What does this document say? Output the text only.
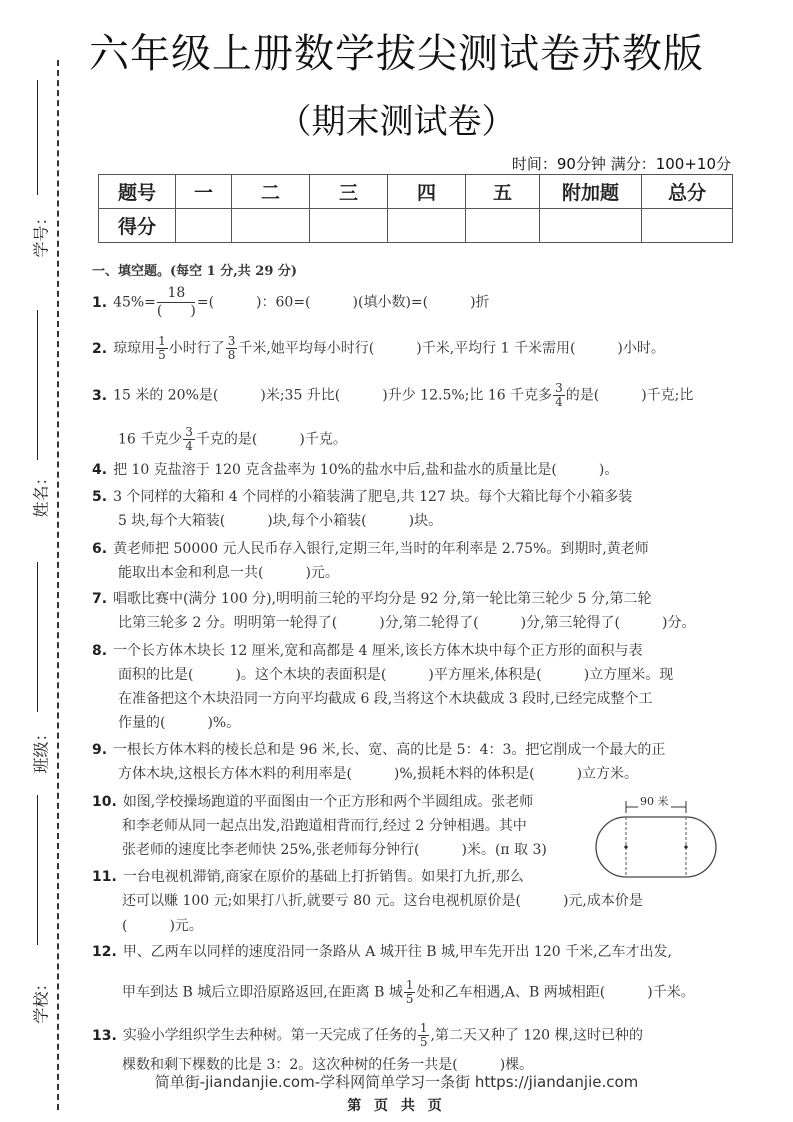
学号：
姓名：
班级：
学校：
六年级上册数学拔尖测试卷苏教版
（期末测试卷）
时间：90分钟 满分：100+10分
题号	一	二	三	四	五	附加题	总分
得分							
一、填空题。(每空 1 分,共 29 分)
1. $45\%= \frac{18}{( )}$ =(　　　)：60=(　　　)(填小数)=(　　　)折
2. 琼琼用 $\frac{1}{5}$ 小时行了 $\frac{3}{8}$ 千米,她平均每小时行(　　　)千米,平均行 1 千米需用(　　　)小时。
3. 15 米的 20%是(　　　)米;35 升比(　　　)升少 12.5%;比 16 千克多 $\frac{3}{4}$ 的是(　　　)千克;比
16 千克少 $\frac{3}{4}$ 千克的是(　　　)千克。
4. 把 10 克盐溶于 120 克含盐率为 10%的盐水中后,盐和盐水的质量比是(　　　)。
5. 3 个同样的大箱和 4 个同样的小箱装满了肥皂,共 127 块。每个大箱比每个小箱多装
5 块,每个大箱装(　　　)块,每个小箱装(　　　)块。
6. 黄老师把 50000 元人民币存入银行,定期三年,当时的年利率是 2.75%。到期时,黄老师
能取出本金和利息一共(　　　)元。
7. 唱歌比赛中(满分 100 分),明明前三轮的平均分是 92 分,第一轮比第三轮少 5 分,第二轮
比第三轮多 2 分。明明第一轮得了(　　　)分,第二轮得了(　　　)分,第三轮得了(　　　)分。
8. 一个长方体木块长 12 厘米,宽和高都是 4 厘米,该长方体木块中每个正方形的面积与表
面积的比是(　　　)。这个木块的表面积是(　　　)平方厘米,体积是(　　　)立方厘米。现
在准备把这个木块沿同一方向平均截成 6 段,当将这个木块截成 3 段时,已经完成整个工
作量的(　　　)%。
9. 一根长方体木料的棱长总和是 96 米,长、宽、高的比是 5：4：3。把它削成一个最大的正
方体木块,这根长方体木料的利用率是(　　　)%,损耗木料的体积是(　　　)立方米。
10. 如图,学校操场跑道的平面图由一个正方形和两个半圆组成。张老师
和李老师从同一起点出发,沿跑道相背而行,经过 2 分钟相遇。其中
张老师的速度比李老师快 25%,张老师每分钟行(　　　)米。(π 取 3)
90 米
11. 一台电视机滞销,商家在原价的基础上打折销售。如果打九折,那么
还可以赚 100 元;如果打八折,就要亏 80 元。这台电视机原价是(　　　)元,成本价是
(　　　)元。
12. 甲、乙两车以同样的速度沿同一条路从 A 城开往 B 城,甲车先开出 120 千米,乙车才出发,
甲车到达 B 城后立即沿原路返回,在距离 B 城 $\frac{1}{5}$ 处和乙车相遇,A、B 两城相距(　　　)千米。
13. 实验小学组织学生去种树。第一天完成了任务的 $\frac{1}{5}$ ,第二天又种了 120 棵,这时已种的
棵数和剩下棵数的比是 3：2。这次种树的任务一共是(　　　)棵。
简单街-jiandanjie.com-学科网简单学习一条街 https://jiandanjie.com
第 页 共 页
